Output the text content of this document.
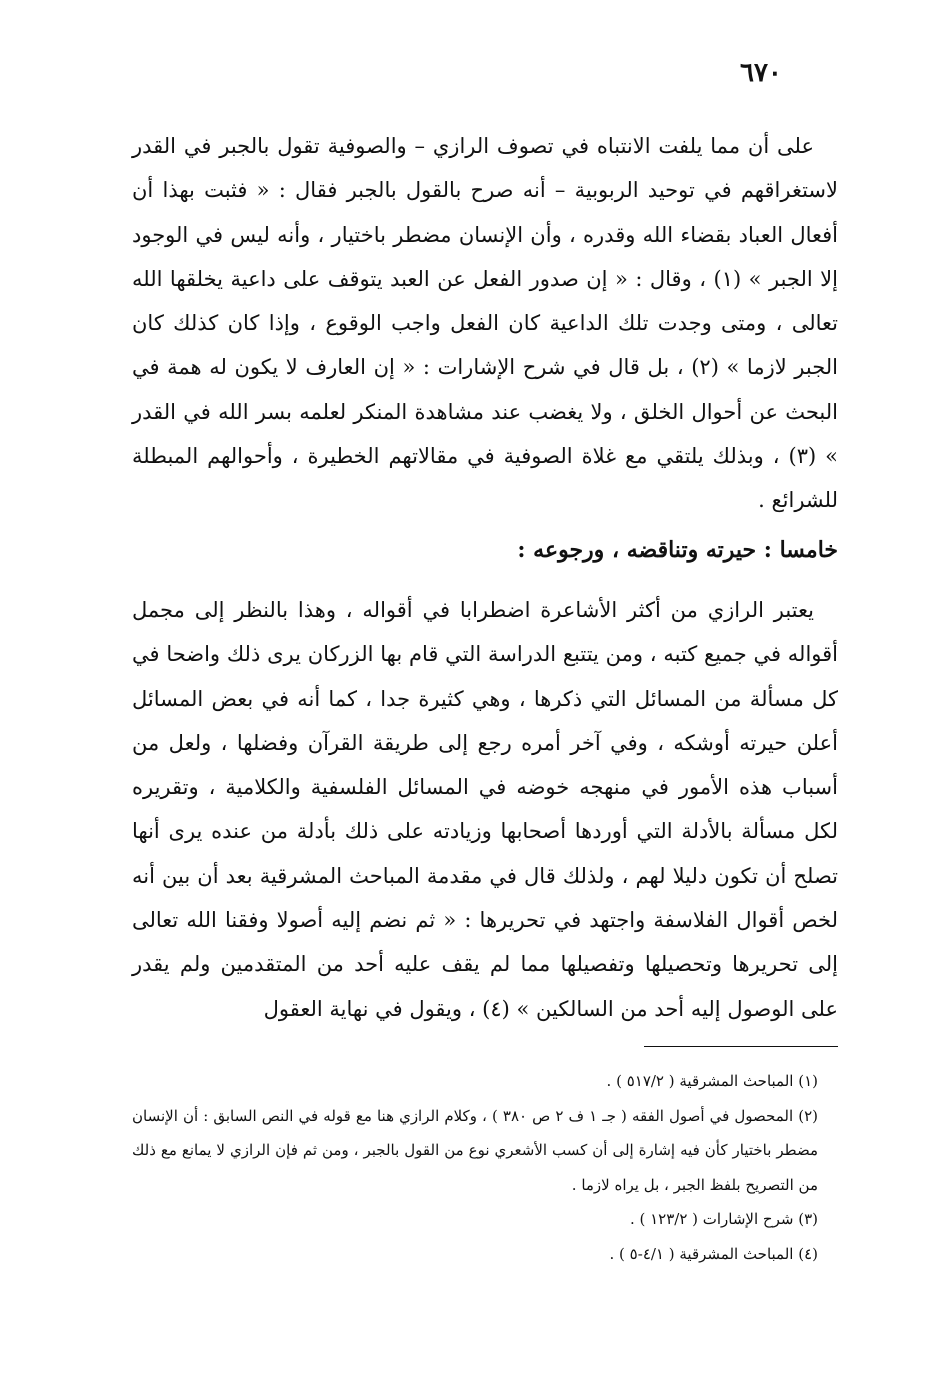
٦٧٠
على أن مما يلفت الانتباه في تصوف الرازي – والصوفية تقول بالجبر في القدر لاستغراقهم في توحيد الربوبية – أنه صرح بالقول بالجبر فقال : « فثبت بهذا أن أفعال العباد بقضاء الله وقدره ، وأن الإنسان مضطر باختيار ، وأنه ليس في الوجود إلا الجبر » (١) ، وقال : « إن صدور الفعل عن العبد يتوقف على داعية يخلقها الله تعالى ، ومتى وجدت تلك الداعية كان الفعل واجب الوقوع ، وإذا كان كذلك كان الجبر لازما » (٢) ، بل قال في شرح الإشارات : « إن العارف لا يكون له همة في البحث عن أحوال الخلق ، ولا يغضب عند مشاهدة المنكر لعلمه بسر الله في القدر » (٣) ، وبذلك يلتقي مع غلاة الصوفية في مقالاتهم الخطيرة ، وأحوالهم المبطلة للشرائع .
خامسا : حيرته وتناقضه ، ورجوعه :
يعتبر الرازي من أكثر الأشاعرة اضطرابا في أقواله ، وهذا بالنظر إلى مجمل أقواله في جميع كتبه ، ومن يتتبع الدراسة التي قام بها الزركان يرى ذلك واضحا في كل مسألة من المسائل التي ذكرها ، وهي كثيرة جدا ، كما أنه في بعض المسائل أعلن حيرته أوشكه ، وفي آخر أمره رجع إلى طريقة القرآن وفضلها ، ولعل من أسباب هذه الأمور في منهجه خوضه في المسائل الفلسفية والكلامية ، وتقريره لكل مسألة بالأدلة التي أوردها أصحابها وزيادته على ذلك بأدلة من عنده يرى أنها تصلح أن تكون دليلا لهم ، ولذلك قال في مقدمة المباحث المشرقية بعد أن بين أنه لخص أقوال الفلاسفة واجتهد في تحريرها : « ثم نضم إليه أصولا وفقنا الله تعالى إلى تحريرها وتحصيلها وتفصيلها مما لم يقف عليه أحد من المتقدمين ولم يقدر على الوصول إليه أحد من السالكين » (٤) ، ويقول في نهاية العقول
(١) المباحث المشرقية ( ٥١٧/٢ ) .
(٢) المحصول في أصول الفقه ( جـ ١ ف ٢ ص ٣٨٠ ) ، وكلام الرازي هنا مع قوله في النص السابق : أن الإنسان مضطر باختيار كأن فيه إشارة إلى أن كسب الأشعري نوع من القول بالجبر ، ومن ثم فإن الرازي لا يمانع مع ذلك من التصريح بلفظ الجبر ، بل يراه لازما .
(٣) شرح الإشارات ( ١٢٣/٢ ) .
(٤) المباحث المشرقية ( ٤/١-٥ ) .
